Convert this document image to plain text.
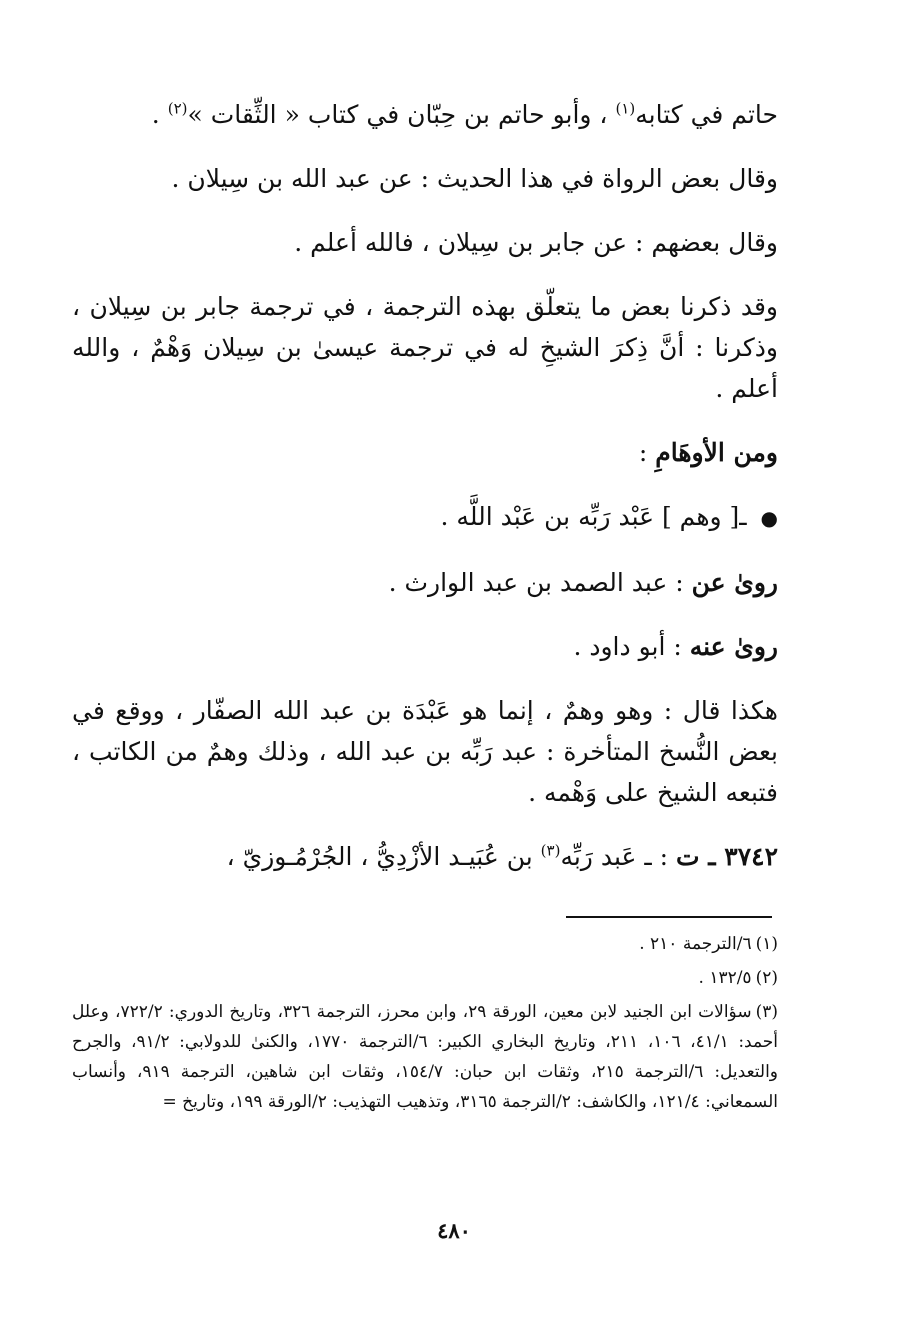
حاتم في كتابه$^{(١)}$ ، وأبو حاتم بن حِبّان في كتاب « الثِّقات »$^{(٢)}$ .

وقال بعض الرواة في هذا الحديث : عن عبد الله بن سِيلان .

وقال بعضهم : عن جابر بن سِيلان ، فالله أعلم .

وقد ذكرنا بعض ما يتعلّق بهذه الترجمة ، في ترجمة جابر بن سِيلان ، وذكرنا : أنَّ ذِكرَ الشيخِ له في ترجمة عيسىٰ بن سِيلان وَهْمٌ ، والله أعلم .

ومن الأوهَامِ :

● ـ[ وهم ] عَبْد رَبِّه بن عَبْد اللَّه .

روىٰ عن : عبد الصمد بن عبد الوارث .

روىٰ عنه : أبو داود .

هكذا قال : وهو وهمٌ ، إنما هو عَبْدَة بن عبد الله الصفّار ، ووقع في بعض النُّسخ المتأخرة : عبد رَبِّه بن عبد الله ، وذلك وهمٌ من الكاتب ، فتبعه الشيخ على وَهْمه .

٣٧٤٢ ـ ت : ـ عَبد رَبِّه$^{(٣)}$ بن عُبَيـد الأزْدِيُّ ، الجُرْمُـوزيّ ،

(١)٦/الترجمة ٢١٠ .

(٢)١٣٢/٥ .

(٣)سؤالات ابن الجنيد لابن معين، الورقة ٢٩، وابن محرز، الترجمة ٣٢٦، وتاريخ الدوري: ٧٢٢/٢، وعلل أحمد: ٤١/١، ١٠٦، ٢١١، وتاريخ البخاري الكبير: ٦/الترجمة ١٧٧٠، والكنىٰ للدولابي: ٩١/٢، والجرح والتعديل: ٦/الترجمة ٢١٥، وثقات ابن حبان: ١٥٤/٧، وثقات ابن شاهين، الترجمة ٩١٩، وأنساب السمعاني: ١٢١/٤، والكاشف: ٢/الترجمة ٣١٦٥، وتذهيب التهذيب: ٢/الورقة ١٩٩، وتاريخ =

٤٨٠
